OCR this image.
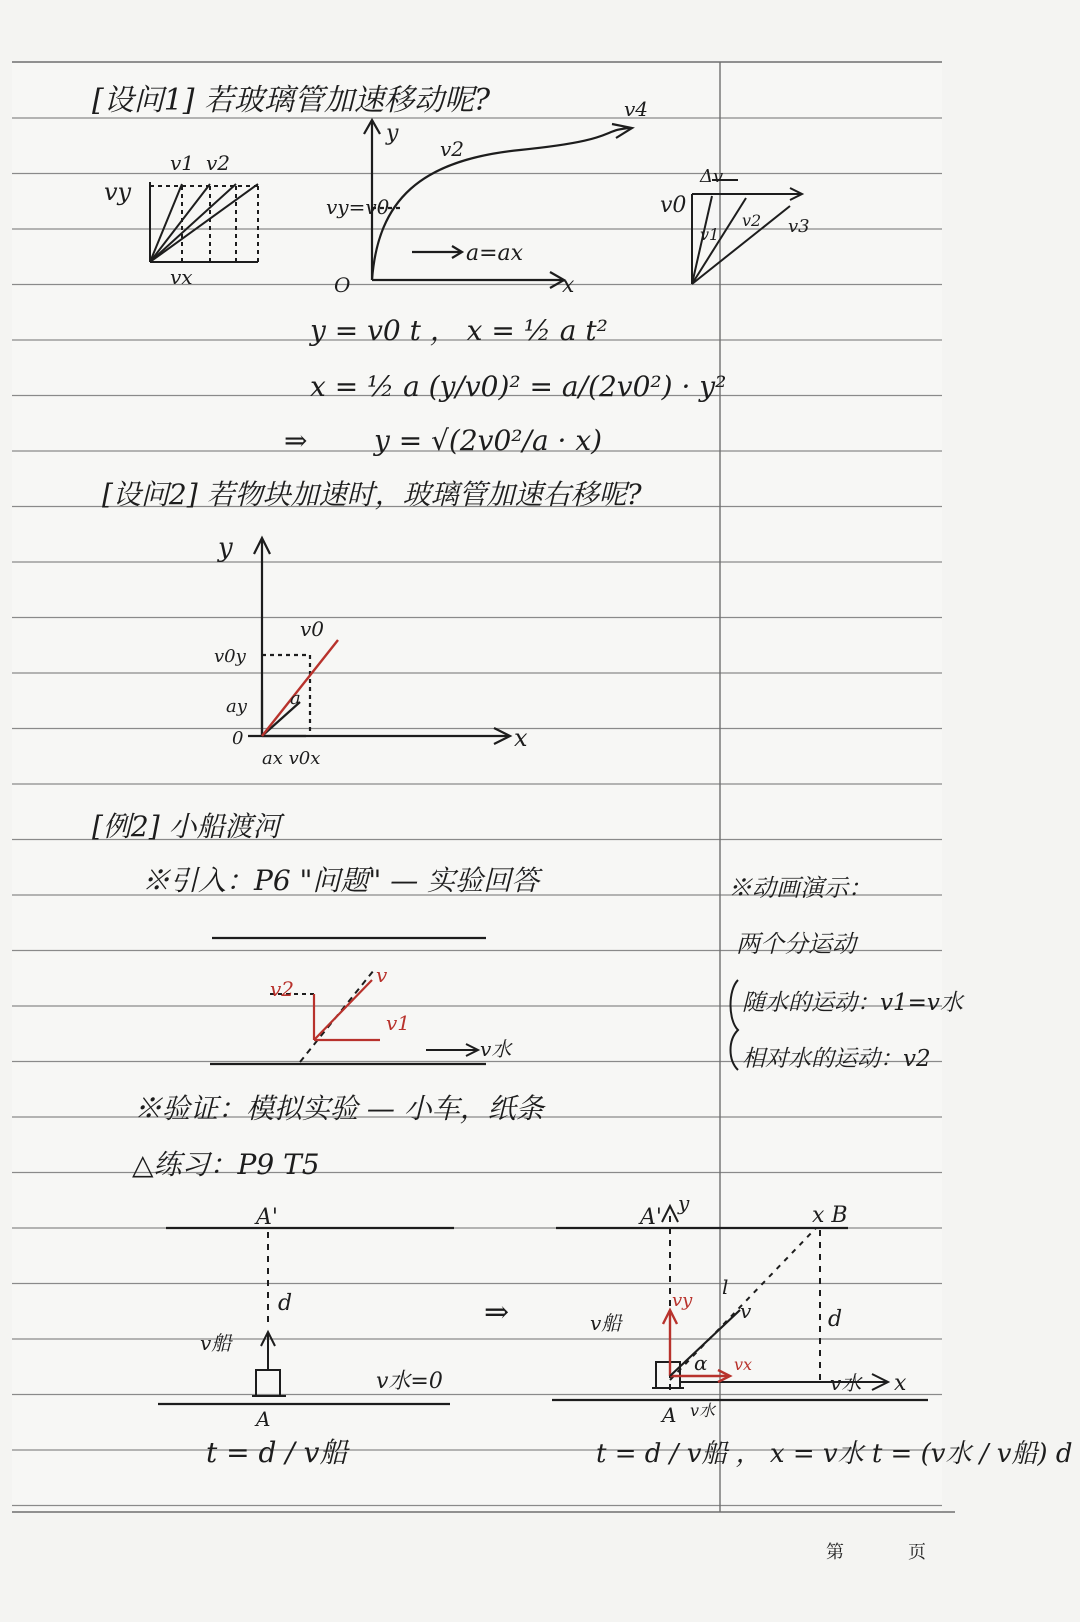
[设问1] 若玻璃管加速移动呢?
vy
v1 v2
vx
y
x
O
vy=v0
a=ax
v2
v4
v0
Δv
v1
v2 v3
y = v0 t ， x = ½ a t²
x = ½ a (y/v0)² = a/(2v0²) · y²
⇒ y = √(2v0²/a · x)
[设问2] 若物块加速时，玻璃管加速右移呢?
y
v0
v0y
ay a
0
ax v0x
x
[例2] 小船渡河
※引入：P6 "问题" — 实验回答
v2
v
v1
v水
※动画演示：
两个分运动
随水的运动：v1=v水
相对水的运动：v2
※验证：模拟实验 — 小车，纸条
△练习：P9 T5
A'
d
v船
v水=0
A
t = d / v船
⇒
A'
y	x B
l
v	d
v船
vy
α vx
v水 x
v水
A
t = d / v船 ， x = v水 t = (v水 / v船) d
第	页
